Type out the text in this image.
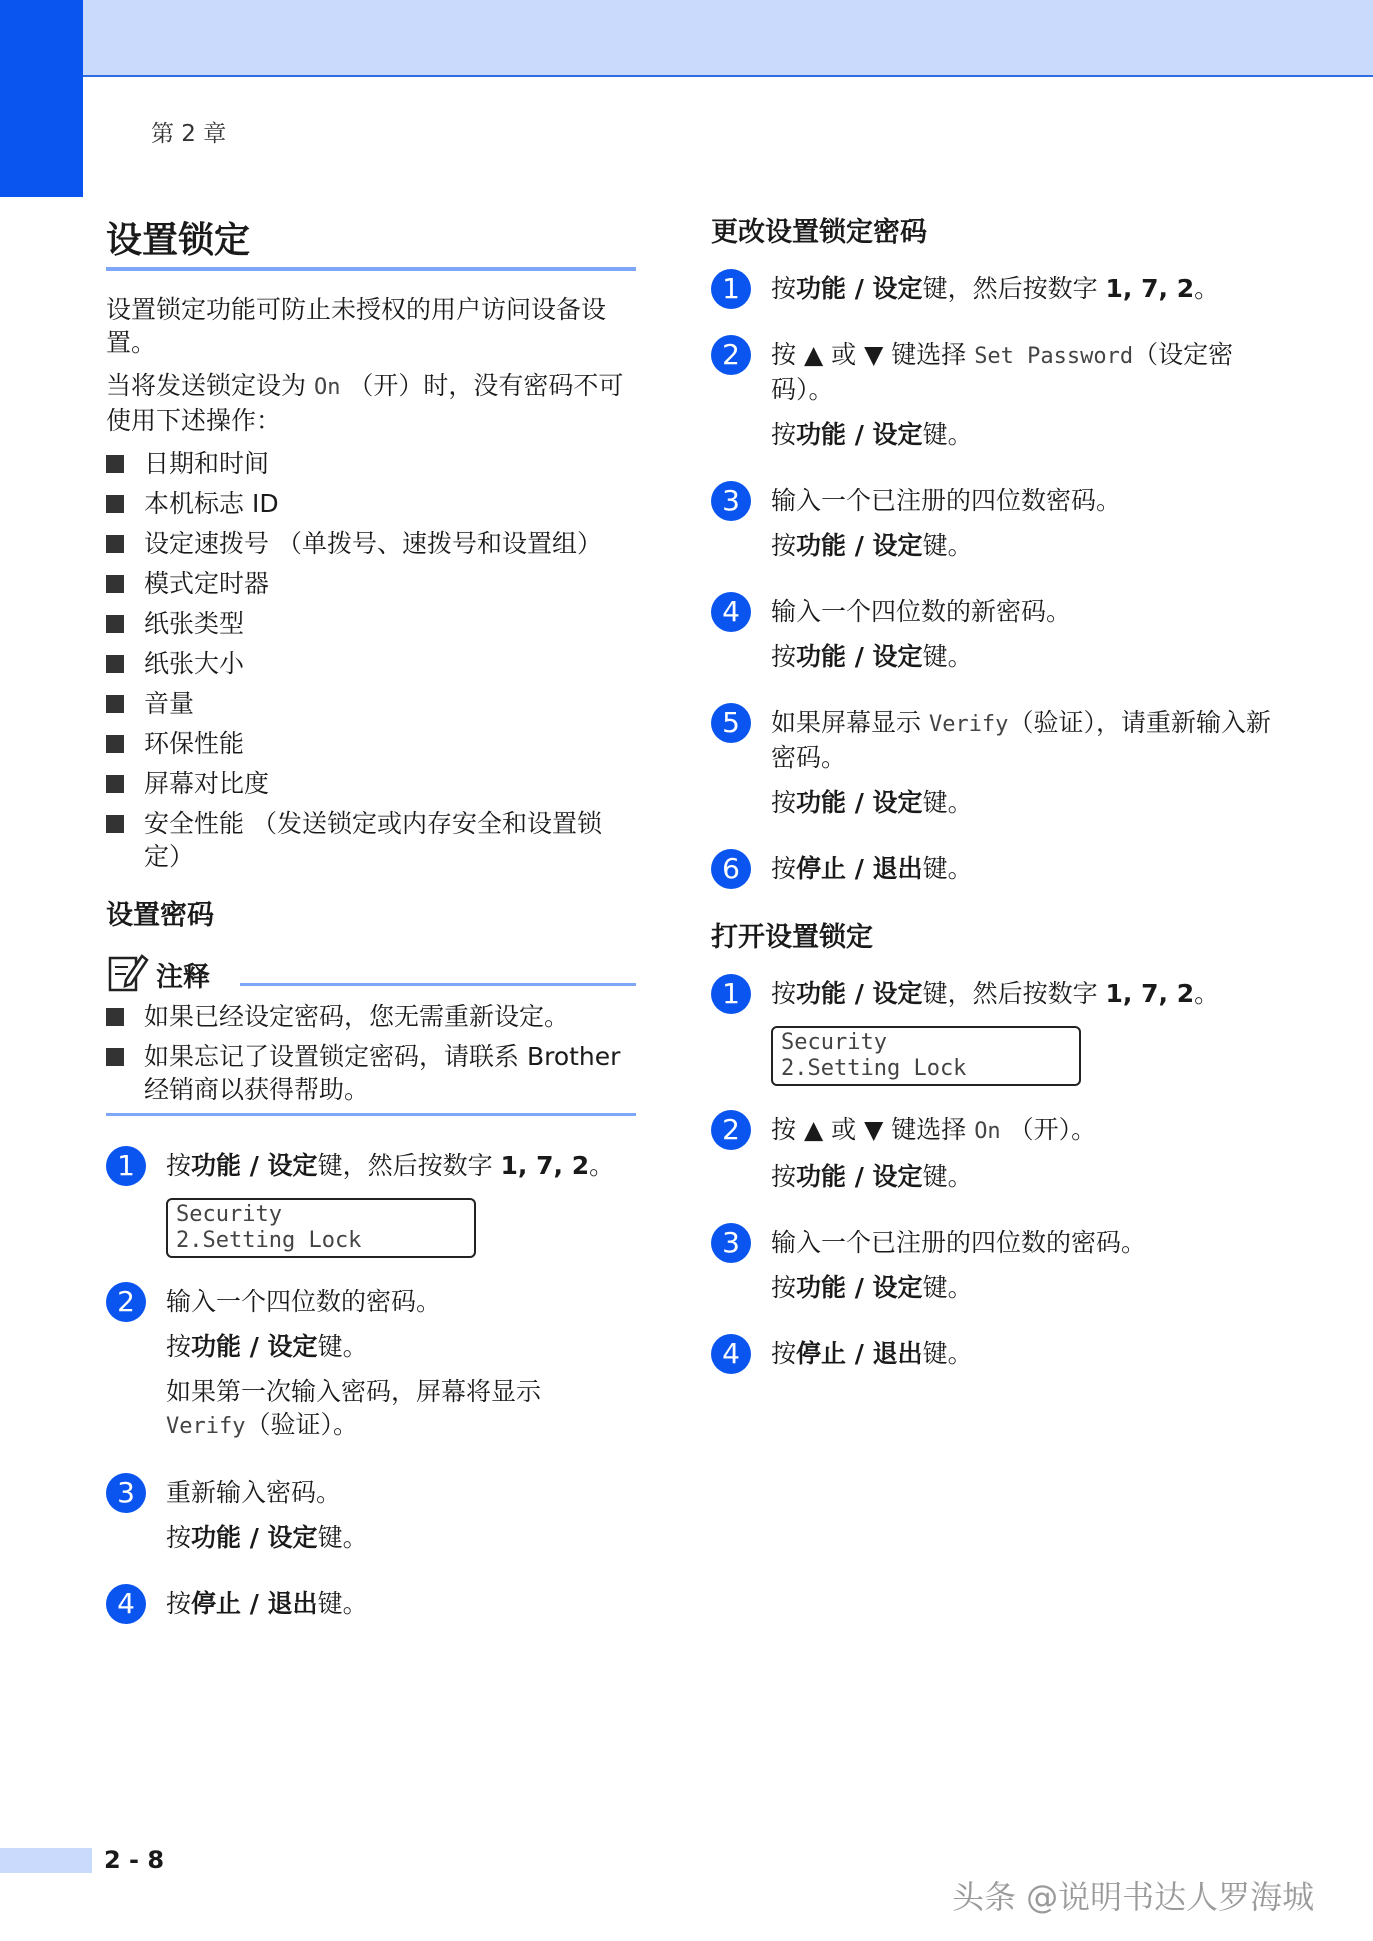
第 2 章
设置锁定

设置锁定功能可防止未授权的用户访问设备设置。

当将发送锁定设为 On （开）时，没有密码不可使用下述操作：

日期和时间
本机标志 ID
设定速拨号 （单拨号、速拨号和设置组）
模式定时器
纸张类型
纸张大小
音量
环保性能
屏幕对比度
安全性能 （发送锁定或内存安全和设置锁定）
设置密码
注释
如果已经设定密码，您无需重新设定。
如果忘记了设置锁定密码，请联系 Brother 经销商以获得帮助。
1	按功能 / 设定键，然后按数字 1, 7, 2。

Security
2.Setting Lock
2	输入一个四位数的密码。

按功能 / 设定键。

如果第一次输入密码，屏幕将显示
Verify（验证）。

3	重新输入密码。

按功能 / 设定键。

4	按停止 / 退出键。

更改设置锁定密码
1	按功能 / 设定键，然后按数字 1, 7, 2。

2	按 ▲ 或 ▼ 键选择 Set Password（设定密码）。

按功能 / 设定键。

3	输入一个已注册的四位数密码。

按功能 / 设定键。

4	输入一个四位数的新密码。

按功能 / 设定键。

5	如果屏幕显示 Verify（验证），请重新输入新密码。

按功能 / 设定键。

6	按停止 / 退出键。

打开设置锁定
1	按功能 / 设定键，然后按数字 1, 7, 2。

Security
2.Setting Lock
2	按 ▲ 或 ▼ 键选择 On （开）。

按功能 / 设定键。

3	输入一个已注册的四位数的密码。

按功能 / 设定键。

4	按停止 / 退出键。

2 - 8
头条 @说明书达人罗海城
